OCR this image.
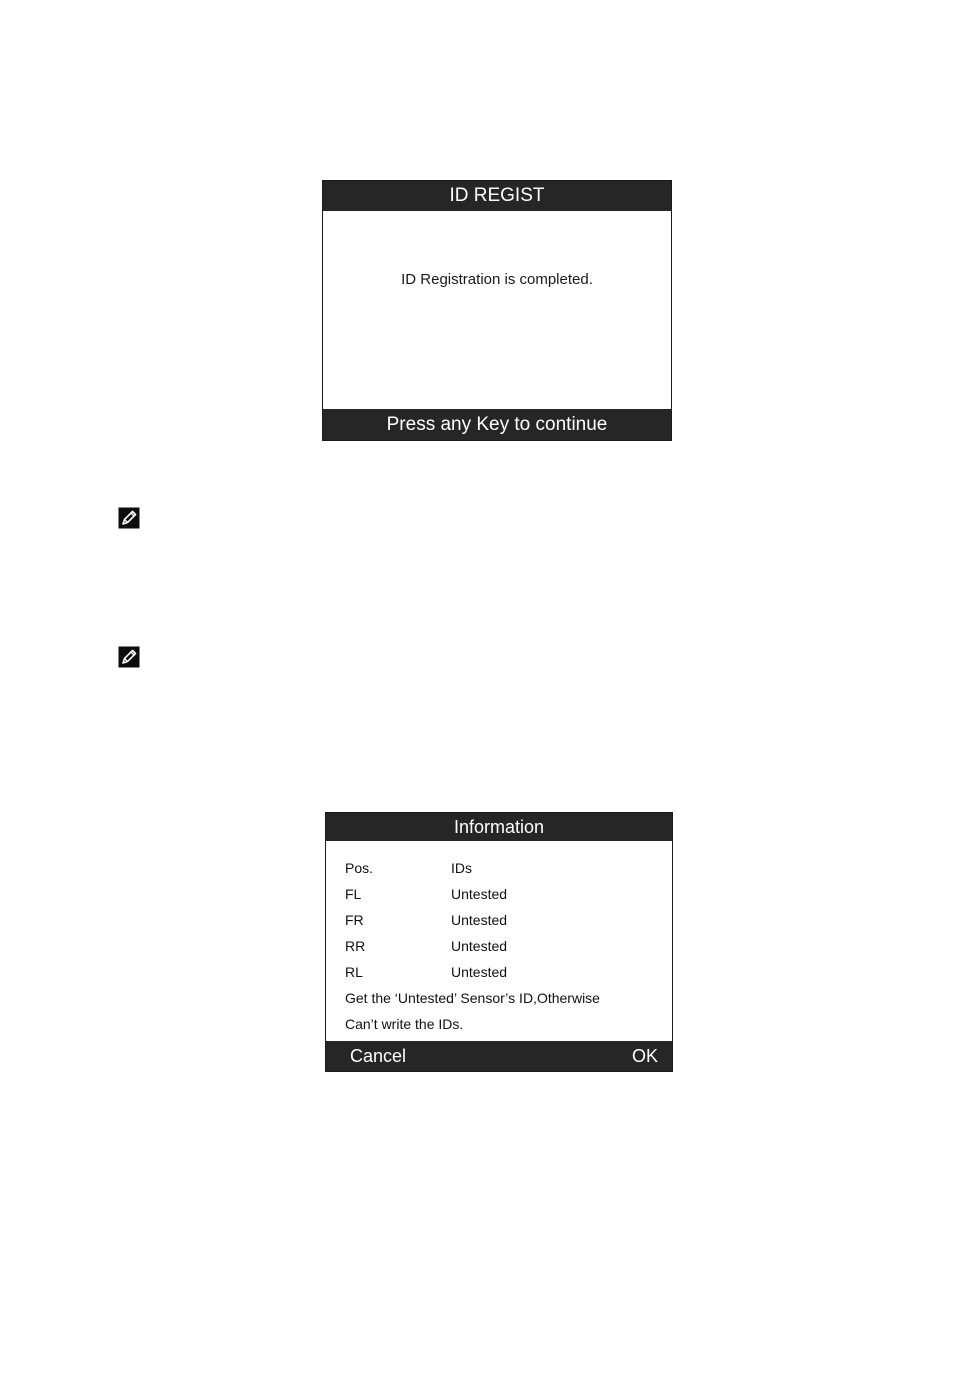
ID REGIST
ID Registration is completed.
Press any Key to continue
Information
Pos.	IDs
FL	Untested
FR	Untested
RR	Untested
RL	Untested
Get the ‘Untested’ Sensor’s ID,Otherwise
Can’t write the IDs.
Cancel	OK
